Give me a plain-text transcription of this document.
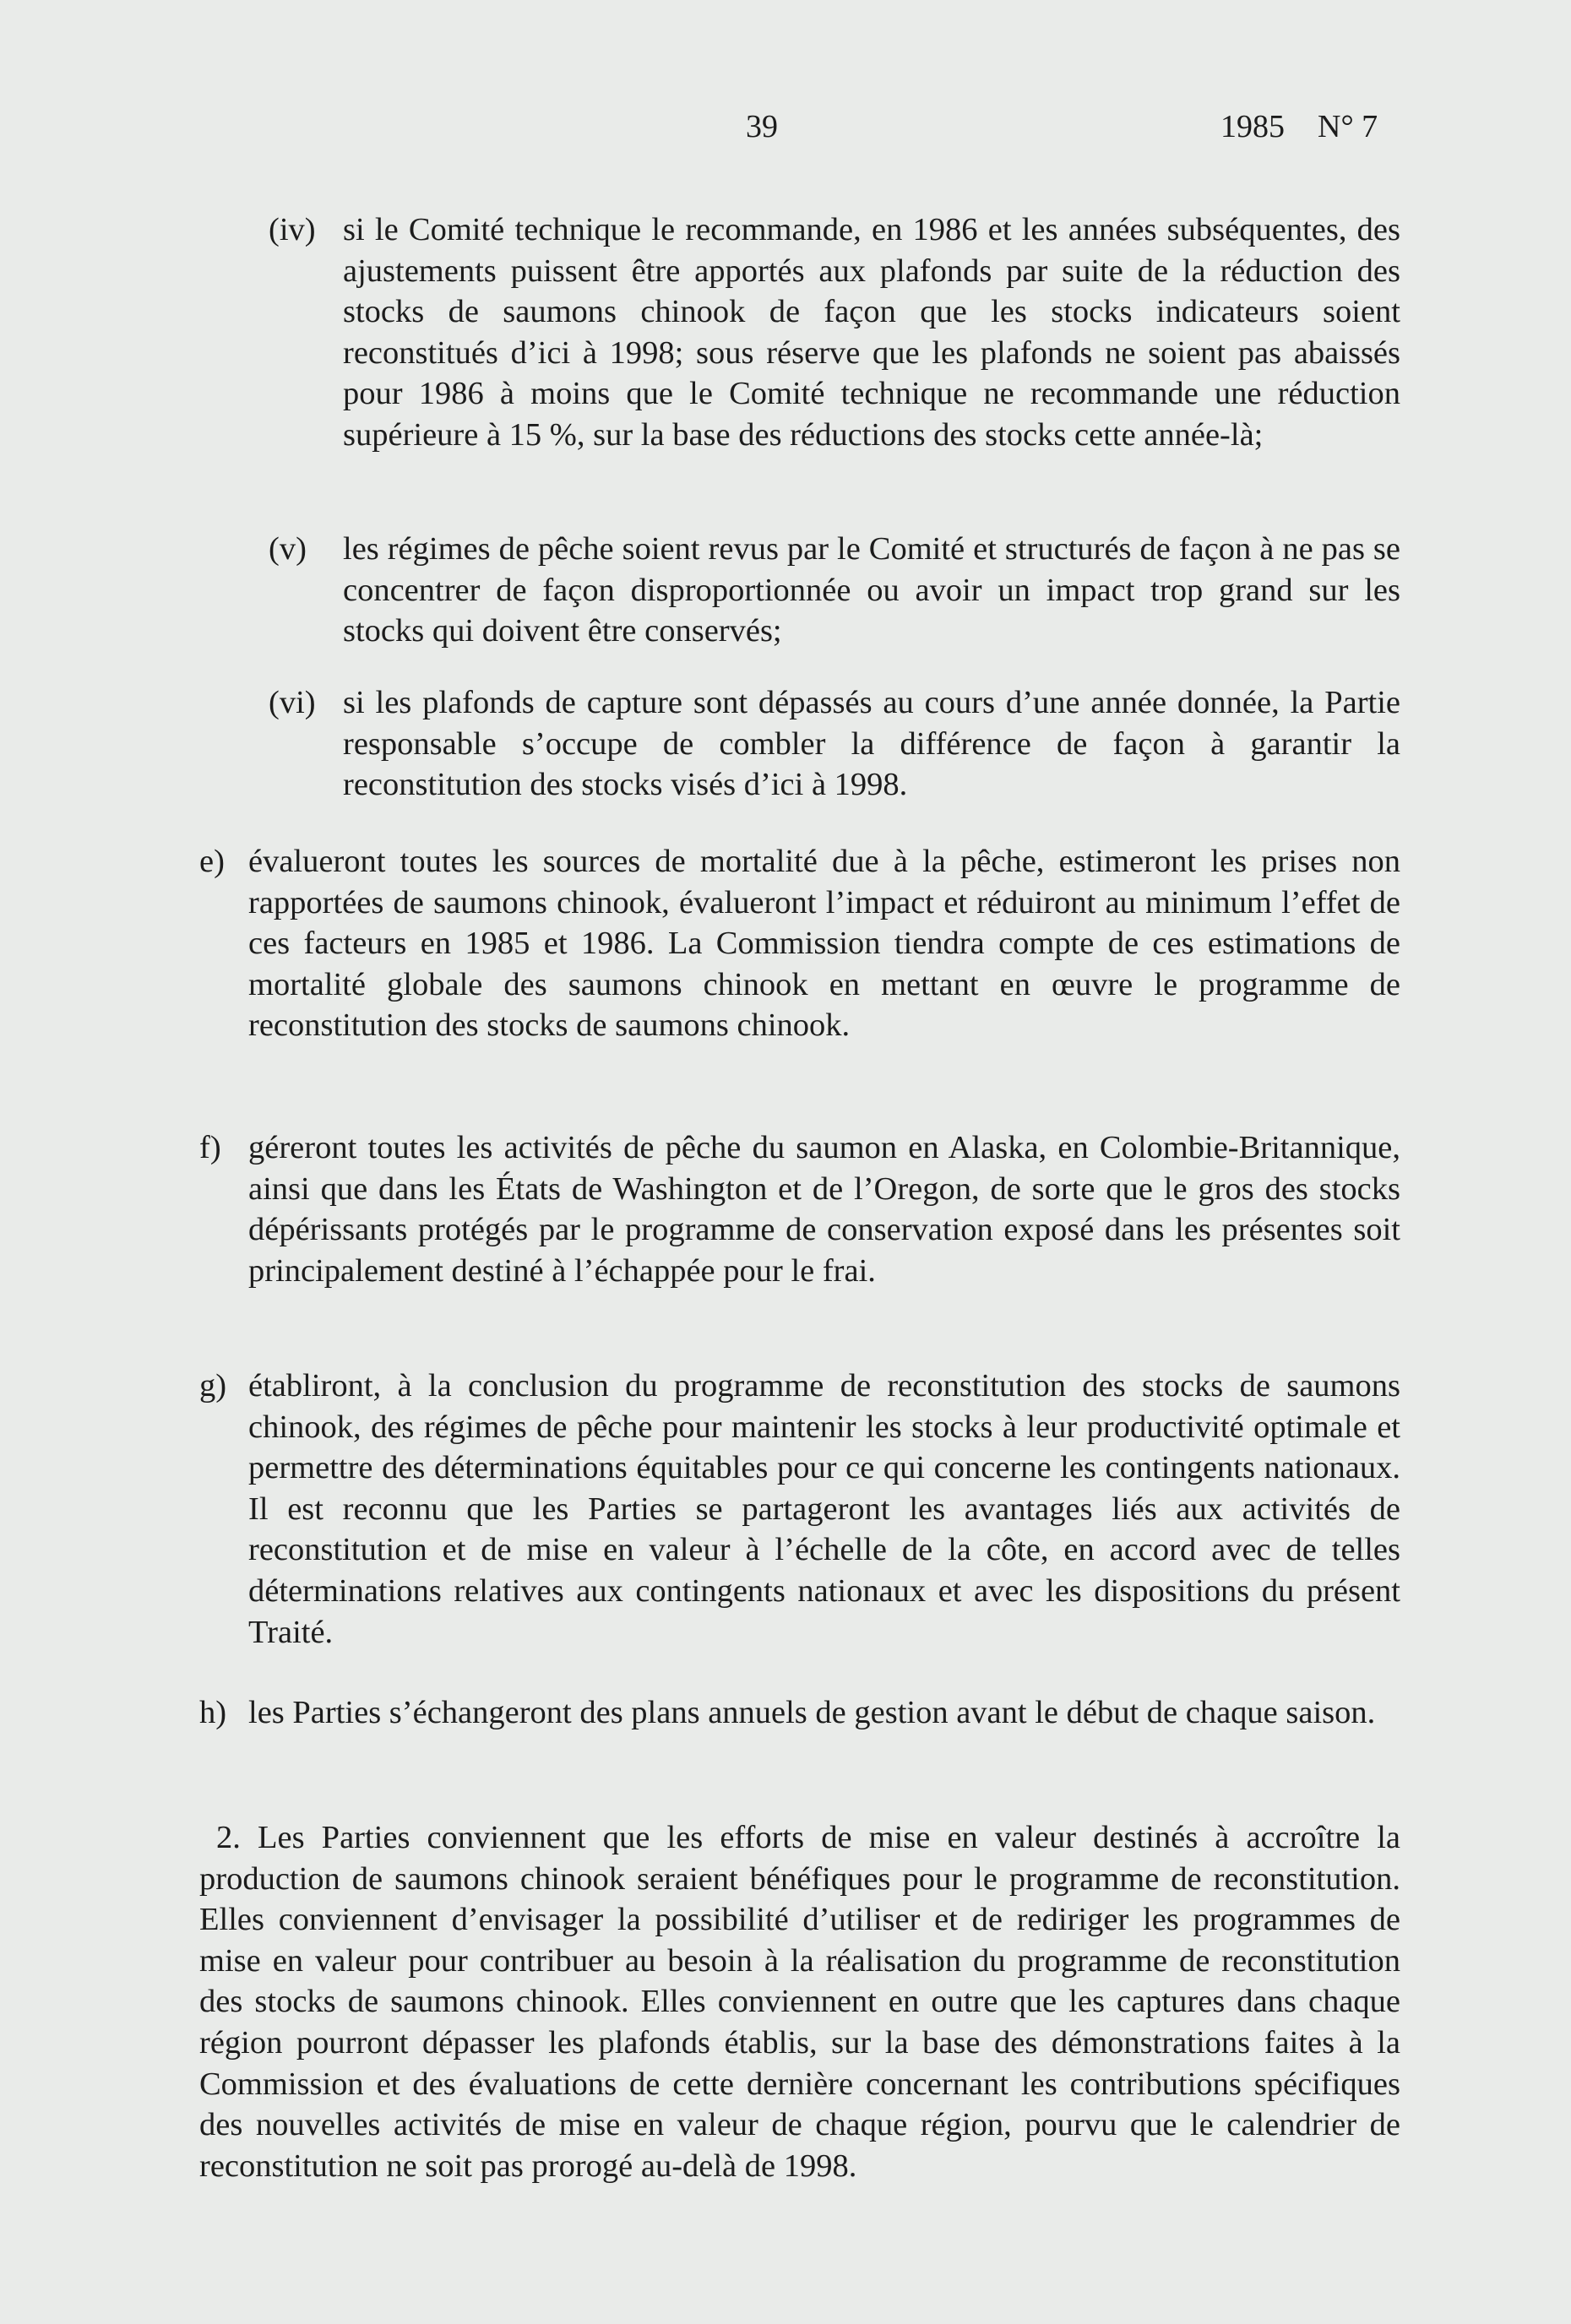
39	1985 N° 7
(iv) si le Comité technique le recommande, en 1986 et les années subséquentes, des ajustements puissent être apportés aux plafonds par suite de la réduction des stocks de saumons chinook de façon que les stocks indicateurs soient reconstitués d’ici à 1998; sous réserve que les plafonds ne soient pas abaissés pour 1986 à moins que le Comité technique ne recommande une réduction supérieure à 15 %, sur la base des réductions des stocks cette année-là;
(v) les régimes de pêche soient revus par le Comité et structurés de façon à ne pas se concentrer de façon disproportionnée ou avoir un impact trop grand sur les stocks qui doivent être conservés;
(vi) si les plafonds de capture sont dépassés au cours d’une année donnée, la Partie responsable s’occupe de combler la différence de façon à garantir la reconstitution des stocks visés d’ici à 1998.
e) évalueront toutes les sources de mortalité due à la pêche, estimeront les prises non rapportées de saumons chinook, évalueront l’impact et réduiront au minimum l’effet de ces facteurs en 1985 et 1986. La Commission tiendra compte de ces estimations de mortalité globale des saumons chinook en mettant en œuvre le programme de reconstitution des stocks de saumons chinook.
f) géreront toutes les activités de pêche du saumon en Alaska, en Colombie-Britannique, ainsi que dans les États de Washington et de l’Oregon, de sorte que le gros des stocks dépérissants protégés par le programme de conservation exposé dans les présentes soit principalement destiné à l’échappée pour le frai.
g) établiront, à la conclusion du programme de reconstitution des stocks de saumons chinook, des régimes de pêche pour maintenir les stocks à leur productivité optimale et permettre des déterminations équitables pour ce qui concerne les contingents nationaux. Il est reconnu que les Parties se partageront les avantages liés aux activités de reconstitution et de mise en valeur à l’échelle de la côte, en accord avec de telles déterminations relatives aux contingents nationaux et avec les dispositions du présent Traité.
h) les Parties s’échangeront des plans annuels de gestion avant le début de chaque saison.
2. Les Parties conviennent que les efforts de mise en valeur destinés à accroître la production de saumons chinook seraient bénéfiques pour le programme de reconstitution. Elles conviennent d’envisager la possibilité d’utiliser et de rediriger les programmes de mise en valeur pour contribuer au besoin à la réalisation du programme de reconstitution des stocks de saumons chinook. Elles conviennent en outre que les captures dans chaque région pourront dépasser les plafonds établis, sur la base des démonstrations faites à la Commission et des évaluations de cette dernière concernant les contributions spécifiques des nouvelles activités de mise en valeur de chaque région, pourvu que le calendrier de reconstitution ne soit pas prorogé au-delà de 1998.
